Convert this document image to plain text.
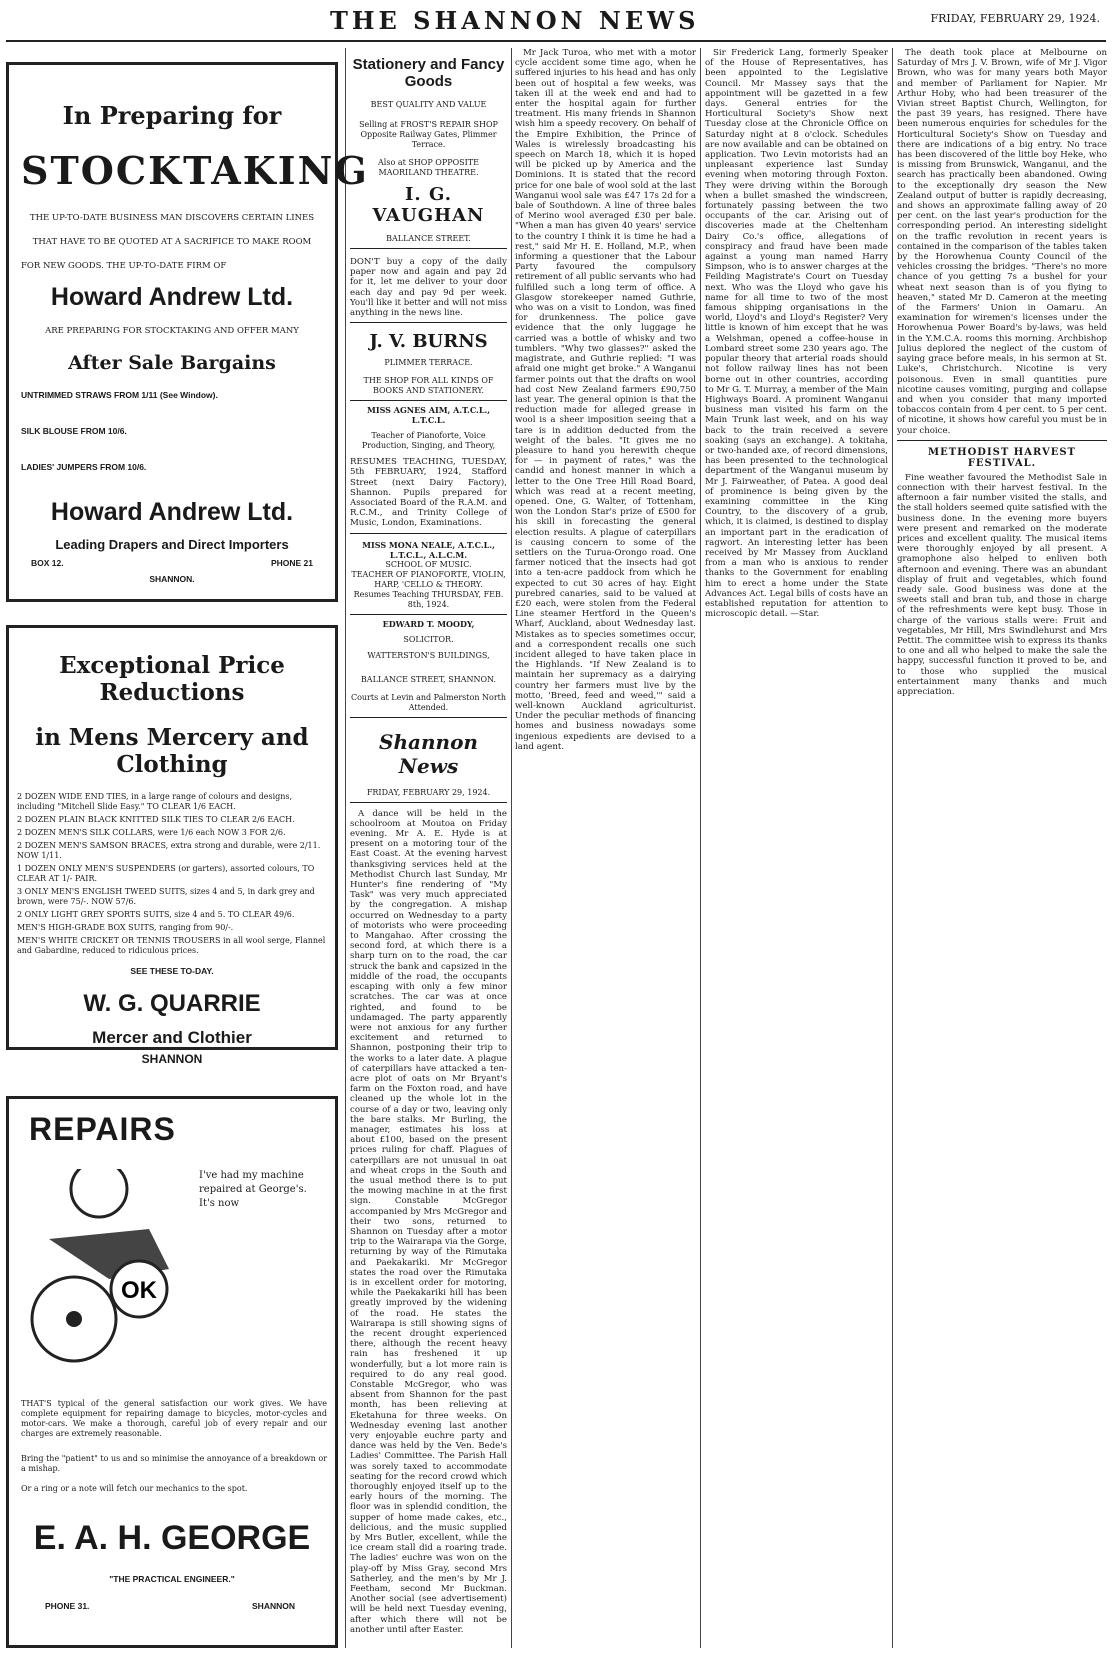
THE SHANNON NEWS	FRIDAY, FEBRUARY 29, 1924.
In Preparing for
STOCKTAKING
THE UP-TO-DATE BUSINESS MAN DISCOVERS CERTAIN LINES
THAT HAVE TO BE QUOTED AT A SACRIFICE TO MAKE ROOM
FOR NEW GOODS. THE UP-TO-DATE FIRM OF
Howard Andrew Ltd.
ARE PREPARING FOR STOCKTAKING AND OFFER MANY
After Sale Bargains
UNTRIMMED STRAWS FROM 1/11 (See Window).
SILK BLOUSE FROM 10/6.
LADIES' JUMPERS FROM 10/6.
Howard Andrew Ltd.
Leading Drapers and Direct Importers
BOX 12.	PHONE 21
SHANNON.
Exceptional Price Reductions
in Mens Mercery and Clothing
2 DOZEN WIDE END TIES, in a large range of colours and designs, including "Mitchell Slide Easy." TO CLEAR 1/6 EACH.
2 DOZEN PLAIN BLACK KNITTED SILK TIES TO CLEAR 2/6 EACH.
2 DOZEN MEN'S SILK COLLARS, were 1/6 each NOW 3 FOR 2/6.
2 DOZEN MEN'S SAMSON BRACES, extra strong and durable, were 2/11. NOW 1/11.
1 DOZEN ONLY MEN'S SUSPENDERS (or garters), assorted colours, TO CLEAR AT 1/- PAIR.
3 ONLY MEN'S ENGLISH TWEED SUITS, sizes 4 and 5, in dark grey and brown, were 75/-. NOW 57/6.
2 ONLY LIGHT GREY SPORTS SUITS, size 4 and 5. TO CLEAR 49/6.
MEN'S HIGH-GRADE BOX SUITS, ranging from 90/-.
MEN'S WHITE CRICKET OR TENNIS TROUSERS in all wool serge, Flannel and Gabardine, reduced to ridiculous prices.
SEE THESE TO-DAY.
W. G. QUARRIE
Mercer and Clothier
SHANNON
REPAIRS
I've had my machine repaired at George's. It's now
OK
THAT'S typical of the general satisfaction our work gives. We have complete equipment for repairing damage to bicycles, motor-cycles and motor-cars. We make a thorough, careful job of every repair and our charges are extremely reasonable.
Bring the "patient" to us and so minimise the annoyance of a breakdown or a mishap.
Or a ring or a note will fetch our mechanics to the spot.
E. A. H. GEORGE
"THE PRACTICAL ENGINEER."
PHONE 31.	SHANNON
Stationery and Fancy Goods
BEST QUALITY AND VALUE
Selling at FROST'S REPAIR SHOP Opposite Railway Gates, Plimmer Terrace.
Also at SHOP OPPOSITE MAORILAND THEATRE.
I. G. VAUGHAN
BALLANCE STREET.
DON'T buy a copy of the daily paper now and again and pay 2d for it, let me deliver to your door each day and pay 9d per week. You'll like it better and will not miss anything in the news line.
J. V. BURNS
PLIMMER TERRACE.
THE SHOP FOR ALL KINDS OF BOOKS AND STATIONERY.
MISS AGNES AIM, A.T.C.L., L.T.C.L.
Teacher of Pianoforte, Voice Production, Singing, and Theory,
RESUMES TEACHING, TUESDAY, 5th FEBRUARY, 1924, Stafford Street (next Dairy Factory), Shannon. Pupils prepared for Associated Board of the R.A.M. and R.C.M., and Trinity College of Music, London, Examinations.
MISS MONA NEALE, A.T.C.L., L.T.C.L., A.L.C.M.
SCHOOL OF MUSIC.
TEACHER OF PIANOFORTE, VIOLIN, HARP, 'CELLO & THEORY.
Resumes Teaching THURSDAY, FEB. 8th, 1924.
EDWARD T. MOODY,
SOLICITOR.
WATTERSTON'S BUILDINGS,
BALLANCE STREET, SHANNON.
Courts at Levin and Palmerston North Attended.
Shannon News
FRIDAY, FEBRUARY 29, 1924.
A dance will be held in the schoolroom at Moutoa on Friday evening. Mr A. E. Hyde is at present on a motoring tour of the East Coast. At the evening harvest thanksgiving services held at the Methodist Church last Sunday, Mr Hunter's fine rendering of "My Task" was very much appreciated by the congregation. A mishap occurred on Wednesday to a party of motorists who were proceeding to Mangahao. After crossing the second ford, at which there is a sharp turn on to the road, the car struck the bank and capsized in the middle of the road, the occupants escaping with only a few minor scratches. The car was at once righted, and found to be undamaged. The party apparently were not anxious for any further excitement and returned to Shannon, postponing their trip to the works to a later date. A plague of caterpillars have attacked a ten-acre plot of oats on Mr Bryant's farm on the Foxton road, and have cleaned up the whole lot in the course of a day or two, leaving only the bare stalks. Mr Burling, the manager, estimates his loss at about £100, based on the present prices ruling for chaff. Plagues of caterpillars are not unusual in oat and wheat crops in the South and the usual method there is to put the mowing machine in at the first sign. Constable McGregor accompanied by Mrs McGregor and their two sons, returned to Shannon on Tuesday after a motor trip to the Wairarapa via the Gorge, returning by way of the Rimutaka and Paekakariki. Mr McGregor states the road over the Rimutaka is in excellent order for motoring, while the Paekakariki hill has been greatly improved by the widening of the road. He states the Wairarapa is still showing signs of the recent drought experienced there, although the recent heavy rain has freshened it up wonderfully, but a lot more rain is required to do any real good. Constable McGregor, who was absent from Shannon for the past month, has been relieving at Eketahuna for three weeks. On Wednesday evening last another very enjoyable euchre party and dance was held by the Ven. Bede's Ladies' Committee. The Parish Hall was sorely taxed to accommodate seating for the record crowd which thoroughly enjoyed itself up to the early hours of the morning. The floor was in splendid condition, the supper of home made cakes, etc., delicious, and the music supplied by Mrs Butler, excellent, while the ice cream stall did a roaring trade. The ladies' euchre was won on the play-off by Miss Gray, second Mrs Satherley, and the men's by Mr J. Feetham, second Mr Buckman. Another social (see advertisement) will be held next Tuesday evening, after which there will not be another until after Easter.
Mr Jack Turoa, who met with a motor cycle accident some time ago, when he suffered injuries to his head and has only been out of hospital a few weeks, was taken ill at the week end and had to enter the hospital again for further treatment. His many friends in Shannon wish him a speedy recovery. On behalf of the Empire Exhibition, the Prince of Wales is wirelessly broadcasting his speech on March 18, which it is hoped will be picked up by America and the Dominions. It is stated that the record price for one bale of wool sold at the last Wanganui wool sale was £47 17s 2d for a bale of Southdown. A line of three bales of Merino wool averaged £30 per bale. "When a man has given 40 years' service to the country I think it is time he had a rest," said Mr H. E. Holland, M.P., when informing a questioner that the Labour Party favoured the compulsory retirement of all public servants who had fulfilled such a long term of office. A Glasgow storekeeper named Guthrie, who was on a visit to London, was fined for drunkenness. The police gave evidence that the only luggage he carried was a bottle of whisky and two tumblers. "Why two glasses?" asked the magistrate, and Guthrie replied: "I was afraid one might get broke." A Wanganui farmer points out that the drafts on wool had cost New Zealand farmers £90,750 last year. The general opinion is that the reduction made for alleged grease in wool is a sheer imposition seeing that a tare is in addition deducted from the weight of the bales. "It gives me no pleasure to hand you herewith cheque for — in payment of rates," was the candid and honest manner in which a letter to the One Tree Hill Road Board, which was read at a recent meeting, opened. One, G. Walter, of Tottenham, won the London Star's prize of £500 for his skill in forecasting the general election results. A plague of caterpillars is causing concern to some of the settlers on the Turua-Orongo road. One farmer noticed that the insects had got into a ten-acre paddock from which he expected to cut 30 acres of hay. Eight purebred canaries, said to be valued at £20 each, were stolen from the Federal Line steamer Hertford in the Queen's Wharf, Auckland, about Wednesday last. Mistakes as to species sometimes occur, and a correspondent recalls one such incident alleged to have taken place in the Highlands. "If New Zealand is to maintain her supremacy as a dairying country her farmers must live by the motto, 'Breed, feed and weed,'" said a well-known Auckland agriculturist. Under the peculiar methods of financing homes and business nowadays some ingenious expedients are devised to a land agent.
Sir Frederick Lang, formerly Speaker of the House of Representatives, has been appointed to the Legislative Council. Mr Massey says that the appointment will be gazetted in a few days. General entries for the Horticultural Society's Show next Tuesday close at the Chronicle Office on Saturday night at 8 o'clock. Schedules are now available and can be obtained on application. Two Levin motorists had an unpleasant experience last Sunday evening when motoring through Foxton. They were driving within the Borough when a bullet smashed the windscreen, fortunately passing between the two occupants of the car. Arising out of discoveries made at the Cheltenham Dairy Co.'s office, allegations of conspiracy and fraud have been made against a young man named Harry Simpson, who is to answer charges at the Feilding Magistrate's Court on Tuesday next. Who was the Lloyd who gave his name for all time to two of the most famous shipping organisations in the world, Lloyd's and Lloyd's Register? Very little is known of him except that he was a Welshman, opened a coffee-house in Lombard street some 230 years ago. The popular theory that arterial roads should not follow railway lines has not been borne out in other countries, according to Mr G. T. Murray, a member of the Main Highways Board. A prominent Wanganui business man visited his farm on the Main Trunk last week, and on his way back to the train received a severe soaking (says an exchange). A tokitaha, or two-handed axe, of record dimensions, has been presented to the technological department of the Wanganui museum by Mr J. Fairweather, of Patea. A good deal of prominence is being given by the examining committee in the King Country, to the discovery of a grub, which, it is claimed, is destined to display an important part in the eradication of ragwort. An interesting letter has been received by Mr Massey from Auckland from a man who is anxious to render thanks to the Government for enabling him to erect a home under the State Advances Act. Legal bills of costs have an established reputation for attention to microscopic detail. —Star.
The death took place at Melbourne on Saturday of Mrs J. V. Brown, wife of Mr J. Vigor Brown, who was for many years both Mayor and member of Parliament for Napier. Mr Arthur Hoby, who had been treasurer of the Vivian street Baptist Church, Wellington, for the past 39 years, has resigned. There have been numerous enquiries for schedules for the Horticultural Society's Show on Tuesday and there are indications of a big entry. No trace has been discovered of the little boy Heke, who is missing from Brunswick, Wanganui, and the search has practically been abandoned. Owing to the exceptionally dry season the New Zealand output of butter is rapidly decreasing, and shows an approximate falling away of 20 per cent. on the last year's production for the corresponding period. An interesting sidelight on the traffic revolution in recent years is contained in the comparison of the tables taken by the Horowhenua County Council of the vehicles crossing the bridges. "There's no more chance of you getting 7s a bushel for your wheat next season than is of you flying to heaven," stated Mr D. Cameron at the meeting of the Farmers' Union in Oamaru. An examination for wiremen's licenses under the Horowhenua Power Board's by-laws, was held in the Y.M.C.A. rooms this morning. Archbishop Julius deplored the neglect of the custom of saying grace before meals, in his sermon at St. Luke's, Christchurch. Nicotine is very poisonous. Even in small quantities pure nicotine causes vomiting, purging and collapse and when you consider that many imported tobaccos contain from 4 per cent. to 5 per cent. of nicotine, it shows how careful you must be in your choice.
METHODIST HARVEST FESTIVAL.
Fine weather favoured the Methodist Sale in connection with their harvest festival. In the afternoon a fair number visited the stalls, and the stall holders seemed quite satisfied with the business done. In the evening more buyers were present and remarked on the moderate prices and excellent quality. The musical items were thoroughly enjoyed by all present. A gramophone also helped to enliven both afternoon and evening. There was an abundant display of fruit and vegetables, which found ready sale. Good business was done at the sweets stall and bran tub, and those in charge of the refreshments were kept busy. Those in charge of the various stalls were: Fruit and vegetables, Mr Hill, Mrs Swindlehurst and Mrs Pettit. The committee wish to express its thanks to one and all who helped to make the sale the happy, successful function it proved to be, and to those who supplied the musical entertainment many thanks and much appreciation.
